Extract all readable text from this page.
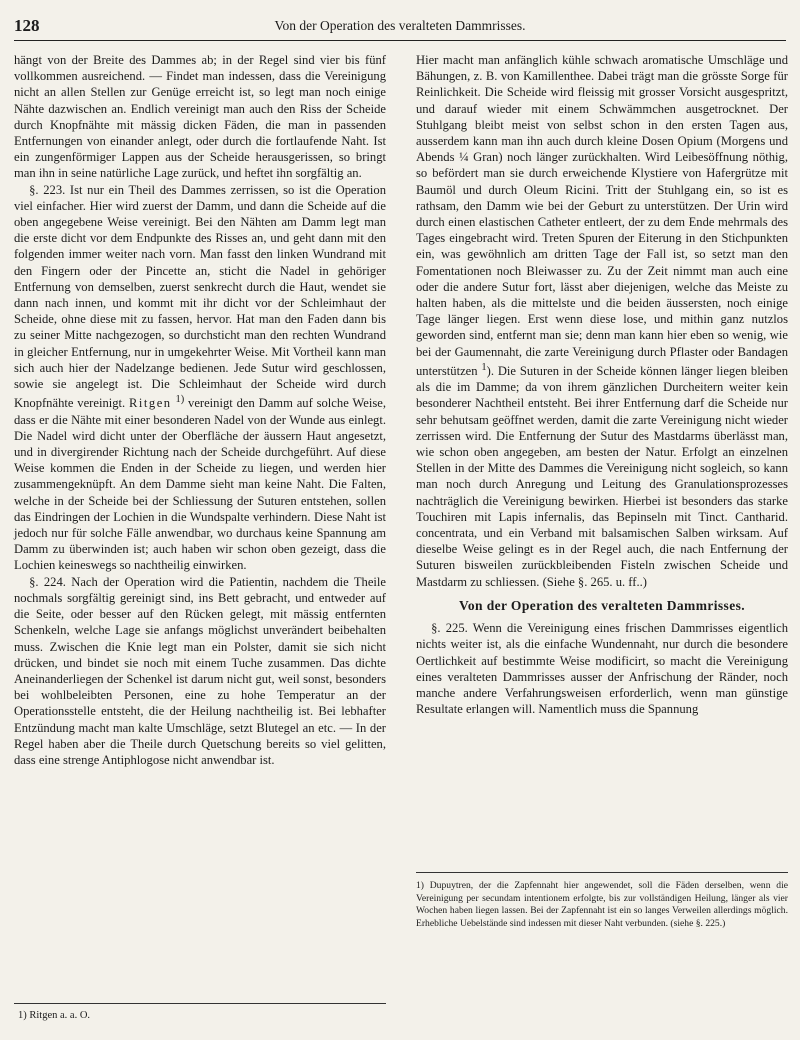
128	Von der Operation des veralteten Dammrisses.

hängt von der Breite des Dammes ab; in der Regel sind vier bis fünf vollkommen ausreichend. — Findet man indessen, dass die Vereinigung nicht an allen Stellen zur Genüge erreicht ist, so legt man noch einige Nähte dazwischen an. Endlich vereinigt man auch den Riss der Scheide durch Knopfnähte mit mässig dicken Fäden, die man in passenden Entfernungen von einander anlegt, oder durch die fortlaufende Naht. Ist ein zungenförmiger Lappen aus der Scheide herausgerissen, so bringt man ihn in seine natürliche Lage zurück, und heftet ihn sorgfältig an.

§. 223. Ist nur ein Theil des Dammes zerrissen, so ist die Operation viel einfacher. Hier wird zuerst der Damm, und dann die Scheide auf die oben angegebene Weise vereinigt. Bei den Nähten am Damm legt man die erste dicht vor dem Endpunkte des Risses an, und geht dann mit den folgenden immer weiter nach vorn. Man fasst den linken Wundrand mit den Fingern oder der Pincette an, sticht die Nadel in gehöriger Entfernung von demselben, zuerst senkrecht durch die Haut, wendet sie dann nach innen, und kommt mit ihr dicht vor der Schleimhaut der Scheide, ohne diese mit zu fassen, hervor. Hat man den Faden dann bis zu seiner Mitte nachgezogen, so durchsticht man den rechten Wundrand in gleicher Entfernung, nur in umgekehrter Weise. Mit Vortheil kann man sich auch hier der Nadelzange bedienen. Jede Sutur wird geschlossen, sowie sie angelegt ist. Die Schleimhaut der Scheide wird durch Knopfnähte vereinigt. Ritgen $^{1)}$ vereinigt den Damm auf solche Weise, dass er die Nähte mit einer besonderen Nadel von der Wunde aus einlegt. Die Nadel wird dicht unter der Oberfläche der äussern Haut angesetzt, und in divergirender Richtung nach der Scheide durchgeführt. Auf diese Weise kommen die Enden in der Scheide zu liegen, und werden hier zusammengeknüpft. An dem Damme sieht man keine Naht. Die Falten, welche in der Scheide bei der Schliessung der Suturen entstehen, sollen das Eindringen der Lochien in die Wundspalte verhindern. Diese Naht ist jedoch nur für solche Fälle anwendbar, wo durchaus keine Spannung am Damm zu überwinden ist; auch haben wir schon oben gezeigt, dass die Lochien keineswegs so nachtheilig einwirken.

§. 224. Nach der Operation wird die Patientin, nachdem die Theile nochmals sorgfältig gereinigt sind, ins Bett gebracht, und entweder auf die Seite, oder besser auf den Rücken gelegt, mit mässig entfernten Schenkeln, welche Lage sie anfangs möglichst unverändert beibehalten muss. Zwischen die Knie legt man ein Polster, damit sie sich nicht drücken, und bindet sie noch mit einem Tuche zusammen. Das dichte Aneinanderliegen der Schenkel ist darum nicht gut, weil sonst, besonders bei wohlbeleibten Personen, eine zu hohe Temperatur an der Operationsstelle entsteht, die der Heilung nachtheilig ist. Bei lebhafter Entzündung macht man kalte Umschläge, setzt Blutegel an etc. — In der Regel haben aber die Theile durch Quetschung bereits so viel gelitten, dass eine strenge Antiphlogose nicht anwendbar ist.

1) Ritgen a. a. O.

Hier macht man anfänglich kühle schwach aromatische Umschläge und Bähungen, z. B. von Kamillenthee. Dabei trägt man die grösste Sorge für Reinlichkeit. Die Scheide wird fleissig mit grosser Vorsicht ausgespritzt, und darauf wieder mit einem Schwämmchen ausgetrocknet. Der Stuhlgang bleibt meist von selbst schon in den ersten Tagen aus, ausserdem kann man ihn auch durch kleine Dosen Opium (Morgens und Abends ¼ Gran) noch länger zurückhalten. Wird Leibesöffnung nöthig, so befördert man sie durch erweichende Klystiere von Hafergrütze mit Baumöl und durch Oleum Ricini. Tritt der Stuhlgang ein, so ist es rathsam, den Damm wie bei der Geburt zu unterstützen. Der Urin wird durch einen elastischen Catheter entleert, der zu dem Ende mehrmals des Tages eingebracht wird. Treten Spuren der Eiterung in den Stichpunkten ein, was gewöhnlich am dritten Tage der Fall ist, so setzt man den Fomentationen noch Bleiwasser zu. Zu der Zeit nimmt man auch eine oder die andere Sutur fort, lässt aber diejenigen, welche das Meiste zu halten haben, als die mittelste und die beiden äussersten, noch einige Tage länger liegen. Erst wenn diese lose, und mithin ganz nutzlos geworden sind, entfernt man sie; denn man kann hier eben so wenig, wie bei der Gaumennaht, die zarte Vereinigung durch Pflaster oder Bandagen unterstützen $^1$). Die Suturen in der Scheide können länger liegen bleiben als die im Damme; da von ihrem gänzlichen Durcheitern weiter kein besonderer Nachtheil entsteht. Bei ihrer Entfernung darf die Scheide nur sehr behutsam geöffnet werden, damit die zarte Vereinigung nicht wieder zerrissen wird. Die Entfernung der Sutur des Mastdarms überlässt man, wie schon oben angegeben, am besten der Natur. Erfolgt an einzelnen Stellen in der Mitte des Dammes die Vereinigung nicht sogleich, so kann man noch durch Anregung und Leitung des Granulationsprozesses nachträglich die Vereinigung bewirken. Hierbei ist besonders das starke Touchiren mit Lapis infernalis, das Bepinseln mit Tinct. Cantharid. concentrata, und ein Verband mit balsamischen Salben wirksam. Auf dieselbe Weise gelingt es in der Regel auch, die nach Entfernung der Suturen bisweilen zurückbleibenden Fisteln zwischen Scheide und Mastdarm zu schliessen. (Siehe §. 265. u. ff..)

Von der Operation des veralteten Dammrisses.

§. 225. Wenn die Vereinigung eines frischen Dammrisses eigentlich nichts weiter ist, als die einfache Wundennaht, nur durch die besondere Oertlichkeit auf bestimmte Weise modificirt, so macht die Vereinigung eines veralteten Dammrisses ausser der Anfrischung der Ränder, noch manche andere Verfahrungsweisen erforderlich, wenn man günstige Resultate erlangen will. Namentlich muss die Spannung

1) Dupuytren, der die Zapfennaht hier angewendet, soll die Fäden derselben, wenn die Vereinigung per secundam intentionem erfolgte, bis zur vollständigen Heilung, länger als vier Wochen haben liegen lassen. Bei der Zapfennaht ist ein so langes Verweilen allerdings möglich. Erhebliche Uebelstände sind indessen mit dieser Naht verbunden. (siehe §. 225.)
